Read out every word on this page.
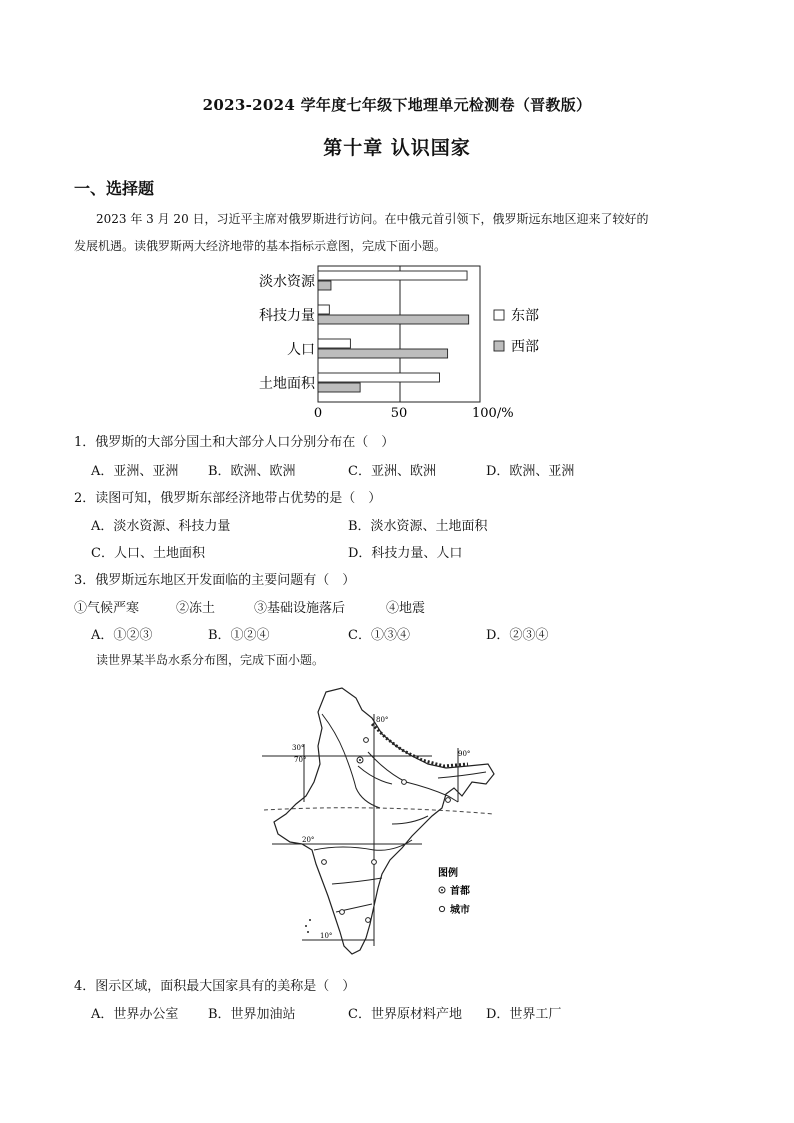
2023-2024 学年度七年级下地理单元检测卷（晋教版）
第十章 认识国家
一、选择题
2023 年 3 月 20 日，习近平主席对俄罗斯进行访问。在中俄元首引领下，俄罗斯远东地区迎来了较好的
发展机遇。读俄罗斯两大经济地带的基本指标示意图，完成下面小题。
淡水资源
科技力量
人口
土地面积
0	50	100/%
东部
西部
1．俄罗斯的大部分国土和大部分人口分别分布在（　）
A．亚洲、亚洲 B．欧洲、欧洲	C．亚洲、欧洲	D．欧洲、亚洲
2．读图可知，俄罗斯东部经济地带占优势的是（　）
A．淡水资源、科技力量	B．淡水资源、土地面积
C．人口、土地面积	D．科技力量、人口
3．俄罗斯远东地区开发面临的主要问题有（　）
①气候严寒	②冻土	③基础设施落后	④地震
A．①②③	B．①②④	C．①③④	D．②③④
读世界某半岛水系分布图，完成下面小题。
30°
70°
20°
10°
80°
90°
图例
首都
城市
4．图示区域，面积最大国家具有的美称是（　）
A．世界办公室 B．世界加油站	C．世界原材料产地 D．世界工厂
